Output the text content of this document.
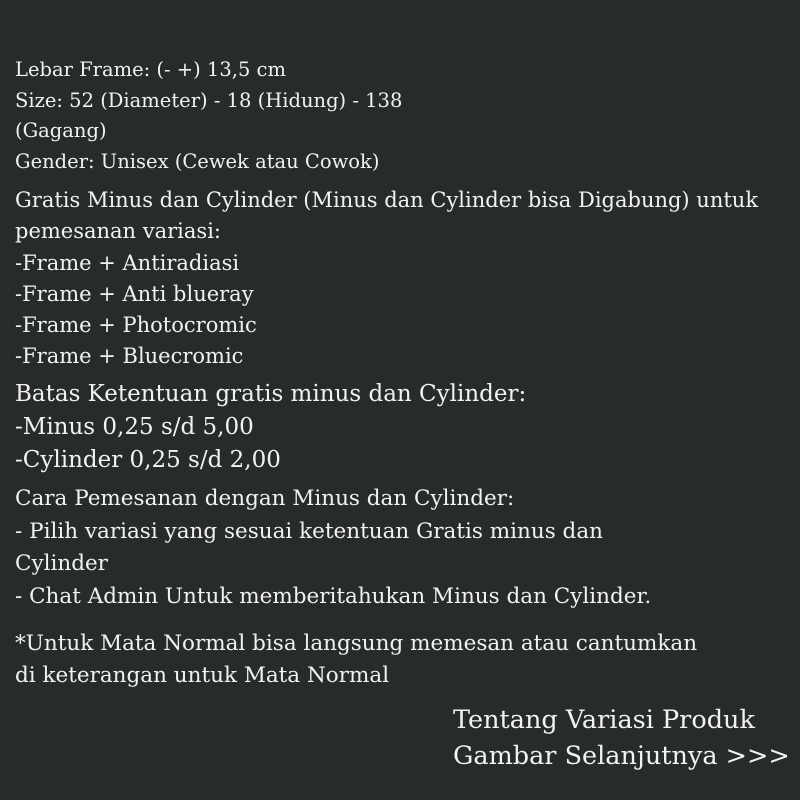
Lebar Frame: (- +) 13,5 cm
Size: 52 (Diameter) - 18 (Hidung) - 138
(Gagang)
Gender: Unisex (Cewek atau Cowok)
Gratis Minus dan Cylinder (Minus dan Cylinder bisa Digabung) untuk
pemesanan variasi:
-Frame + Antiradiasi
-Frame + Anti blueray
-Frame + Photocromic
-Frame + Bluecromic
Batas Ketentuan gratis minus dan Cylinder:
-Minus 0,25 s/d 5,00
-Cylinder 0,25 s/d 2,00
Cara Pemesanan dengan Minus dan Cylinder:
- Pilih variasi yang sesuai ketentuan Gratis minus dan
Cylinder
- Chat Admin Untuk memberitahukan Minus dan Cylinder.
*Untuk Mata Normal bisa langsung memesan atau cantumkan
di keterangan untuk Mata Normal
Tentang Variasi Produk
Gambar Selanjutnya >>>
